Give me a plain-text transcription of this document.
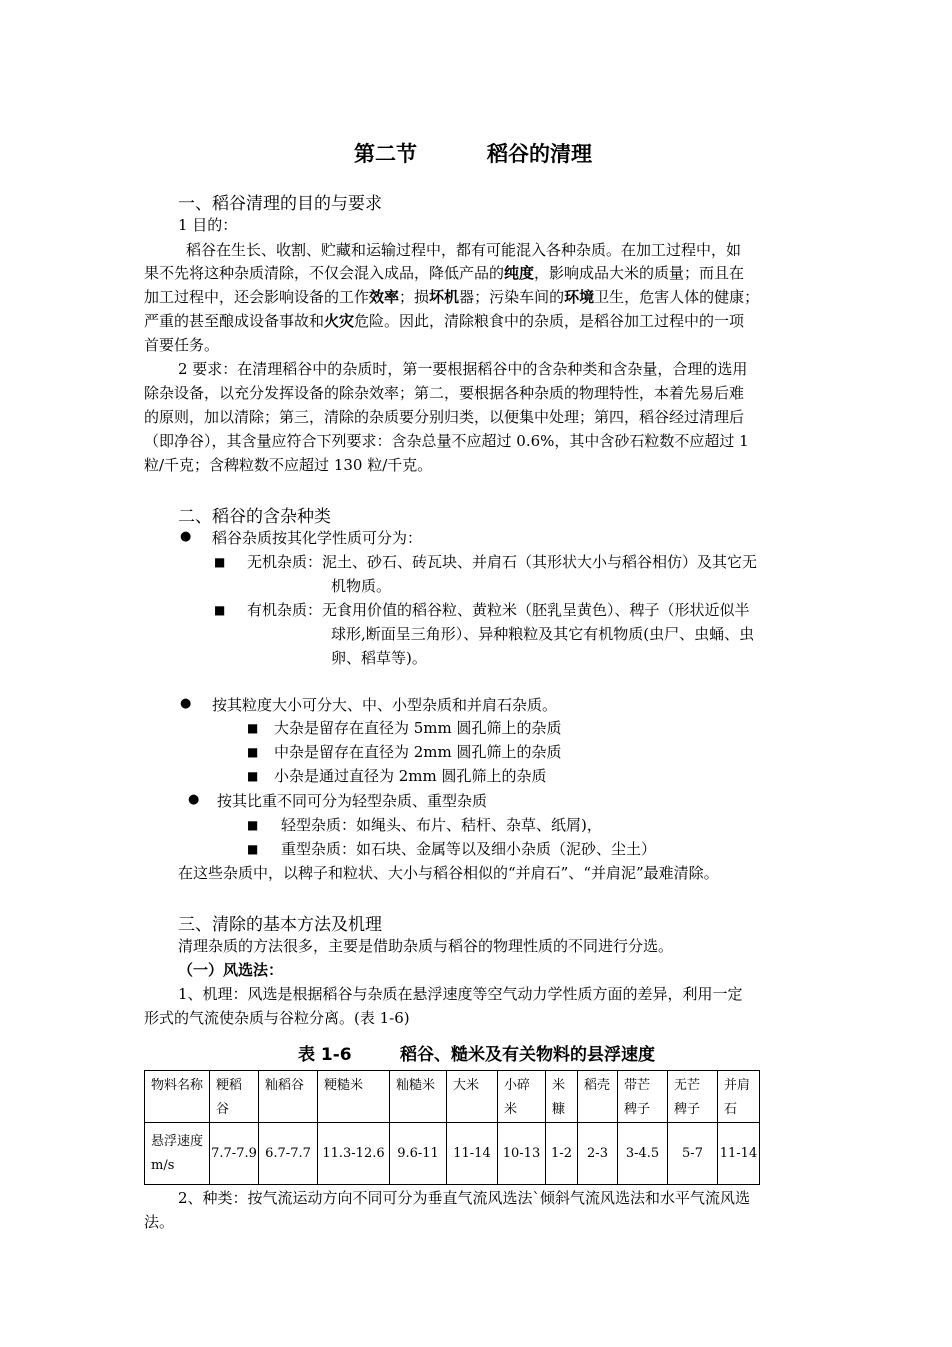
第二节	稻谷的清理
一、稻谷清理的目的与要求
1 目的：
稻谷在生长、收割、贮藏和运输过程中，都有可能混入各种杂质。在加工过程中，如
果不先将这种杂质清除，不仅会混入成品，降低产品的纯度，影响成品大米的质量；而且在
加工过程中，还会影响设备的工作效率；损坏机器；污染车间的环境卫生，危害人体的健康；
严重的甚至酿成设备事故和火灾危险。因此，清除粮食中的杂质，是稻谷加工过程中的一项
首要任务。
2 要求：在清理稻谷中的杂质时，第一要根据稻谷中的含杂种类和含杂量，合理的选用
除杂设备，以充分发挥设备的除杂效率；第二，要根据各种杂质的物理特性，本着先易后难
的原则，加以清除；第三，清除的杂质要分别归类，以便集中处理；第四，稻谷经过清理后
（即净谷），其含量应符合下列要求：含杂总量不应超过 0.6%，其中含砂石粒数不应超过 1
粒/千克；含稗粒数不应超过 130 粒/千克。
二、稻谷的含杂种类
● 稻谷杂质按其化学性质可分为：
■ 无机杂质：泥土、砂石、砖瓦块、并肩石（其形状大小与稻谷相仿）及其它无
机物质。
■ 有机杂质：无食用价值的稻谷粒、黄粒米（胚乳呈黄色）、稗子（形状近似半
球形,断面呈三角形）、异种粮粒及其它有机物质(虫尸、虫蛹、虫
卵、稻草等)。
● 按其粒度大小可分大、中、小型杂质和并肩石杂质。
■ 大杂是留存在直径为 5mm 圆孔筛上的杂质
■ 中杂是留存在直径为 2mm 圆孔筛上的杂质
■ 小杂是通过直径为 2mm 圆孔筛上的杂质
● 按其比重不同可分为轻型杂质、重型杂质
■ 轻型杂质：如绳头、布片、秸杆、杂草、纸屑)，
■ 重型杂质：如石块、金属等以及细小杂质（泥砂、尘土）
在这些杂质中，以稗子和粒状、大小与稻谷相似的“并肩石”、“并肩泥”最难清除。
三、清除的基本方法及机理
清理杂质的方法很多，主要是借助杂质与稻谷的物理性质的不同进行分选。
（一）风选法：
1、机理：风选是根据稻谷与杂质在悬浮速度等空气动力学性质方面的差异，利用一定
形式的气流使杂质与谷粒分离。(表 1-6)
表 1-6	稻谷、糙米及有关物料的县浮速度
物料名称	粳稻谷	籼稻谷	粳糙米	籼糙米	大米	小碎米	米糠	稻壳	带芒稗子	无芒稗子	并肩石
悬浮速度 m/s	7.7-7.9	6.7-7.7	11.3-12.6	9.6-11	11-14	10-13	1-2	2-3	3-4.5	5-7	11-14
2、种类：按气流运动方向不同可分为垂直气流风选法`倾斜气流风选法和水平气流风选
法。
